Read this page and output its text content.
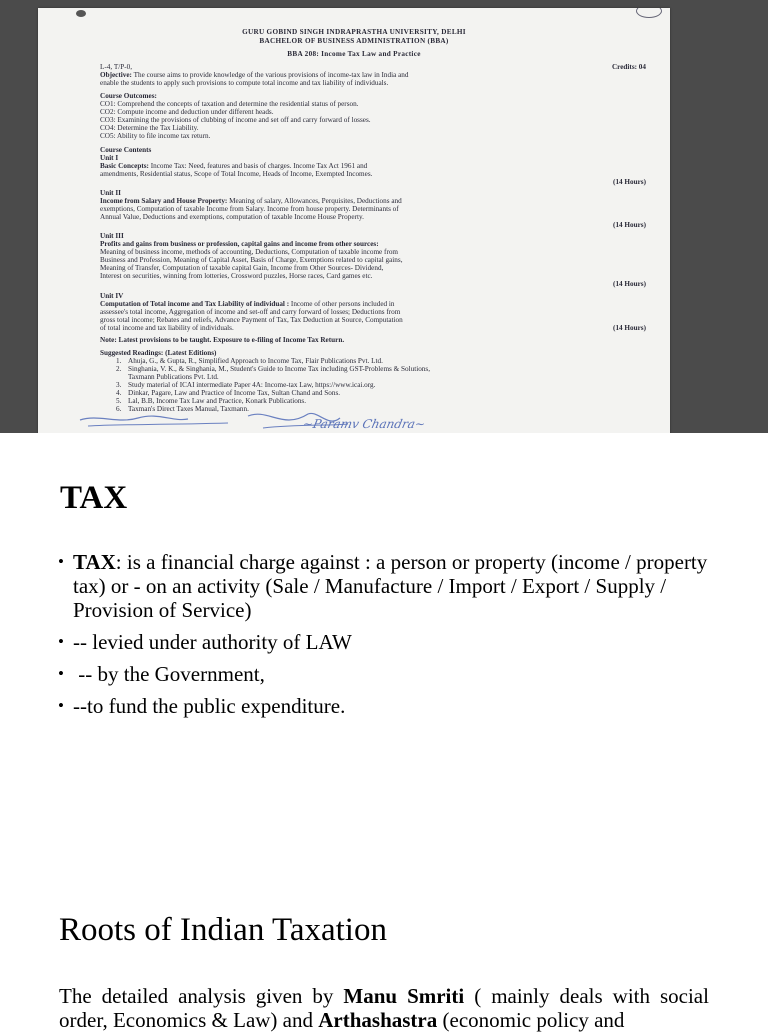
GURU GOBIND SINGH INDRAPRASTHA UNIVERSITY, DELHI
BACHELOR OF BUSINESS ADMINISTRATION (BBA)
BBA 208: Income Tax Law and Practice
L-4, T/P-0,	Credits: 04
Objective: The course aims to provide knowledge of the various provisions of income-tax law in India and
enable the students to apply such provisions to compute total income and tax liability of individuals.
Course Outcomes:
CO1: Comprehend the concepts of taxation and determine the residential status of person.
CO2: Compute income and deduction under different heads.
CO3: Examining the provisions of clubbing of income and set off and carry forward of losses.
CO4: Determine the Tax Liability.
CO5: Ability to file income tax return.
Course Contents
Unit I
Basic Concepts: Income Tax: Need, features and basis of charges. Income Tax Act 1961 and
amendments, Residential status, Scope of Total Income, Heads of Income, Exempted Incomes.
(14 Hours)
Unit II
Income from Salary and House Property: Meaning of salary, Allowances, Perquisites, Deductions and
exemptions, Computation of taxable Income from Salary. Income from house property. Determinants of
Annual Value, Deductions and exemptions, computation of taxable Income House Property.
(14 Hours)
Unit III
Profits and gains from business or profession, capital gains and income from other sources:
Meaning of business income, methods of accounting, Deductions, Computation of taxable income from
Business and Profession, Meaning of Capital Asset, Basis of Charge, Exemptions related to capital gains,
Meaning of Transfer, Computation of taxable capital Gain, Income from Other Sources- Dividend,
Interest on securities, winning from lotteries, Crossword puzzles, Horse races, Card games etc.
(14 Hours)
Unit IV
Computation of Total income and Tax Liability of individual : Income of other persons included in
assessee's total income, Aggregation of income and set-off and carry forward of losses; Deductions from
gross total income; Rebates and reliefs, Advance Payment of Tax, Tax Deduction at Source, Computation
of total income and tax liability of individuals.	(14 Hours)
Note: Latest provisions to be taught. Exposure to e-filing of Income Tax Return.
Suggested Readings: (Latest Editions)
1. Ahuja, G., & Gupta, R., Simplified Approach to Income Tax, Flair Publications Pvt. Ltd.
2. Singhania, V. K., & Singhania, M., Student's Guide to Income Tax including GST-Problems & Solutions,
Taxmann Publications Pvt. Ltd.
3. Study material of ICAI intermediate Paper 4A: Income-tax Law, https://www.icai.org.
4. Dinkar, Pagare, Law and Practice of Income Tax, Sultan Chand and Sons.
5. Lal, B.B, Income Tax Law and Practice, Konark Publications.
6. Taxman's Direct Taxes Manual, Taxmann.
~Paramv Chandra~
TAX
• TAX: is a financial charge against : a person or property (income / property tax) or - on an activity (Sale / Manufacture / Import / Export / Supply / Provision of Service)
• -- levied under authority of LAW
•  -- by the Government,
• --to fund the public expenditure.
Roots of Indian Taxation

The detailed analysis given by Manu Smriti ( mainly deals with social order, Economics & Law) and Arthashastra (economic policy and
